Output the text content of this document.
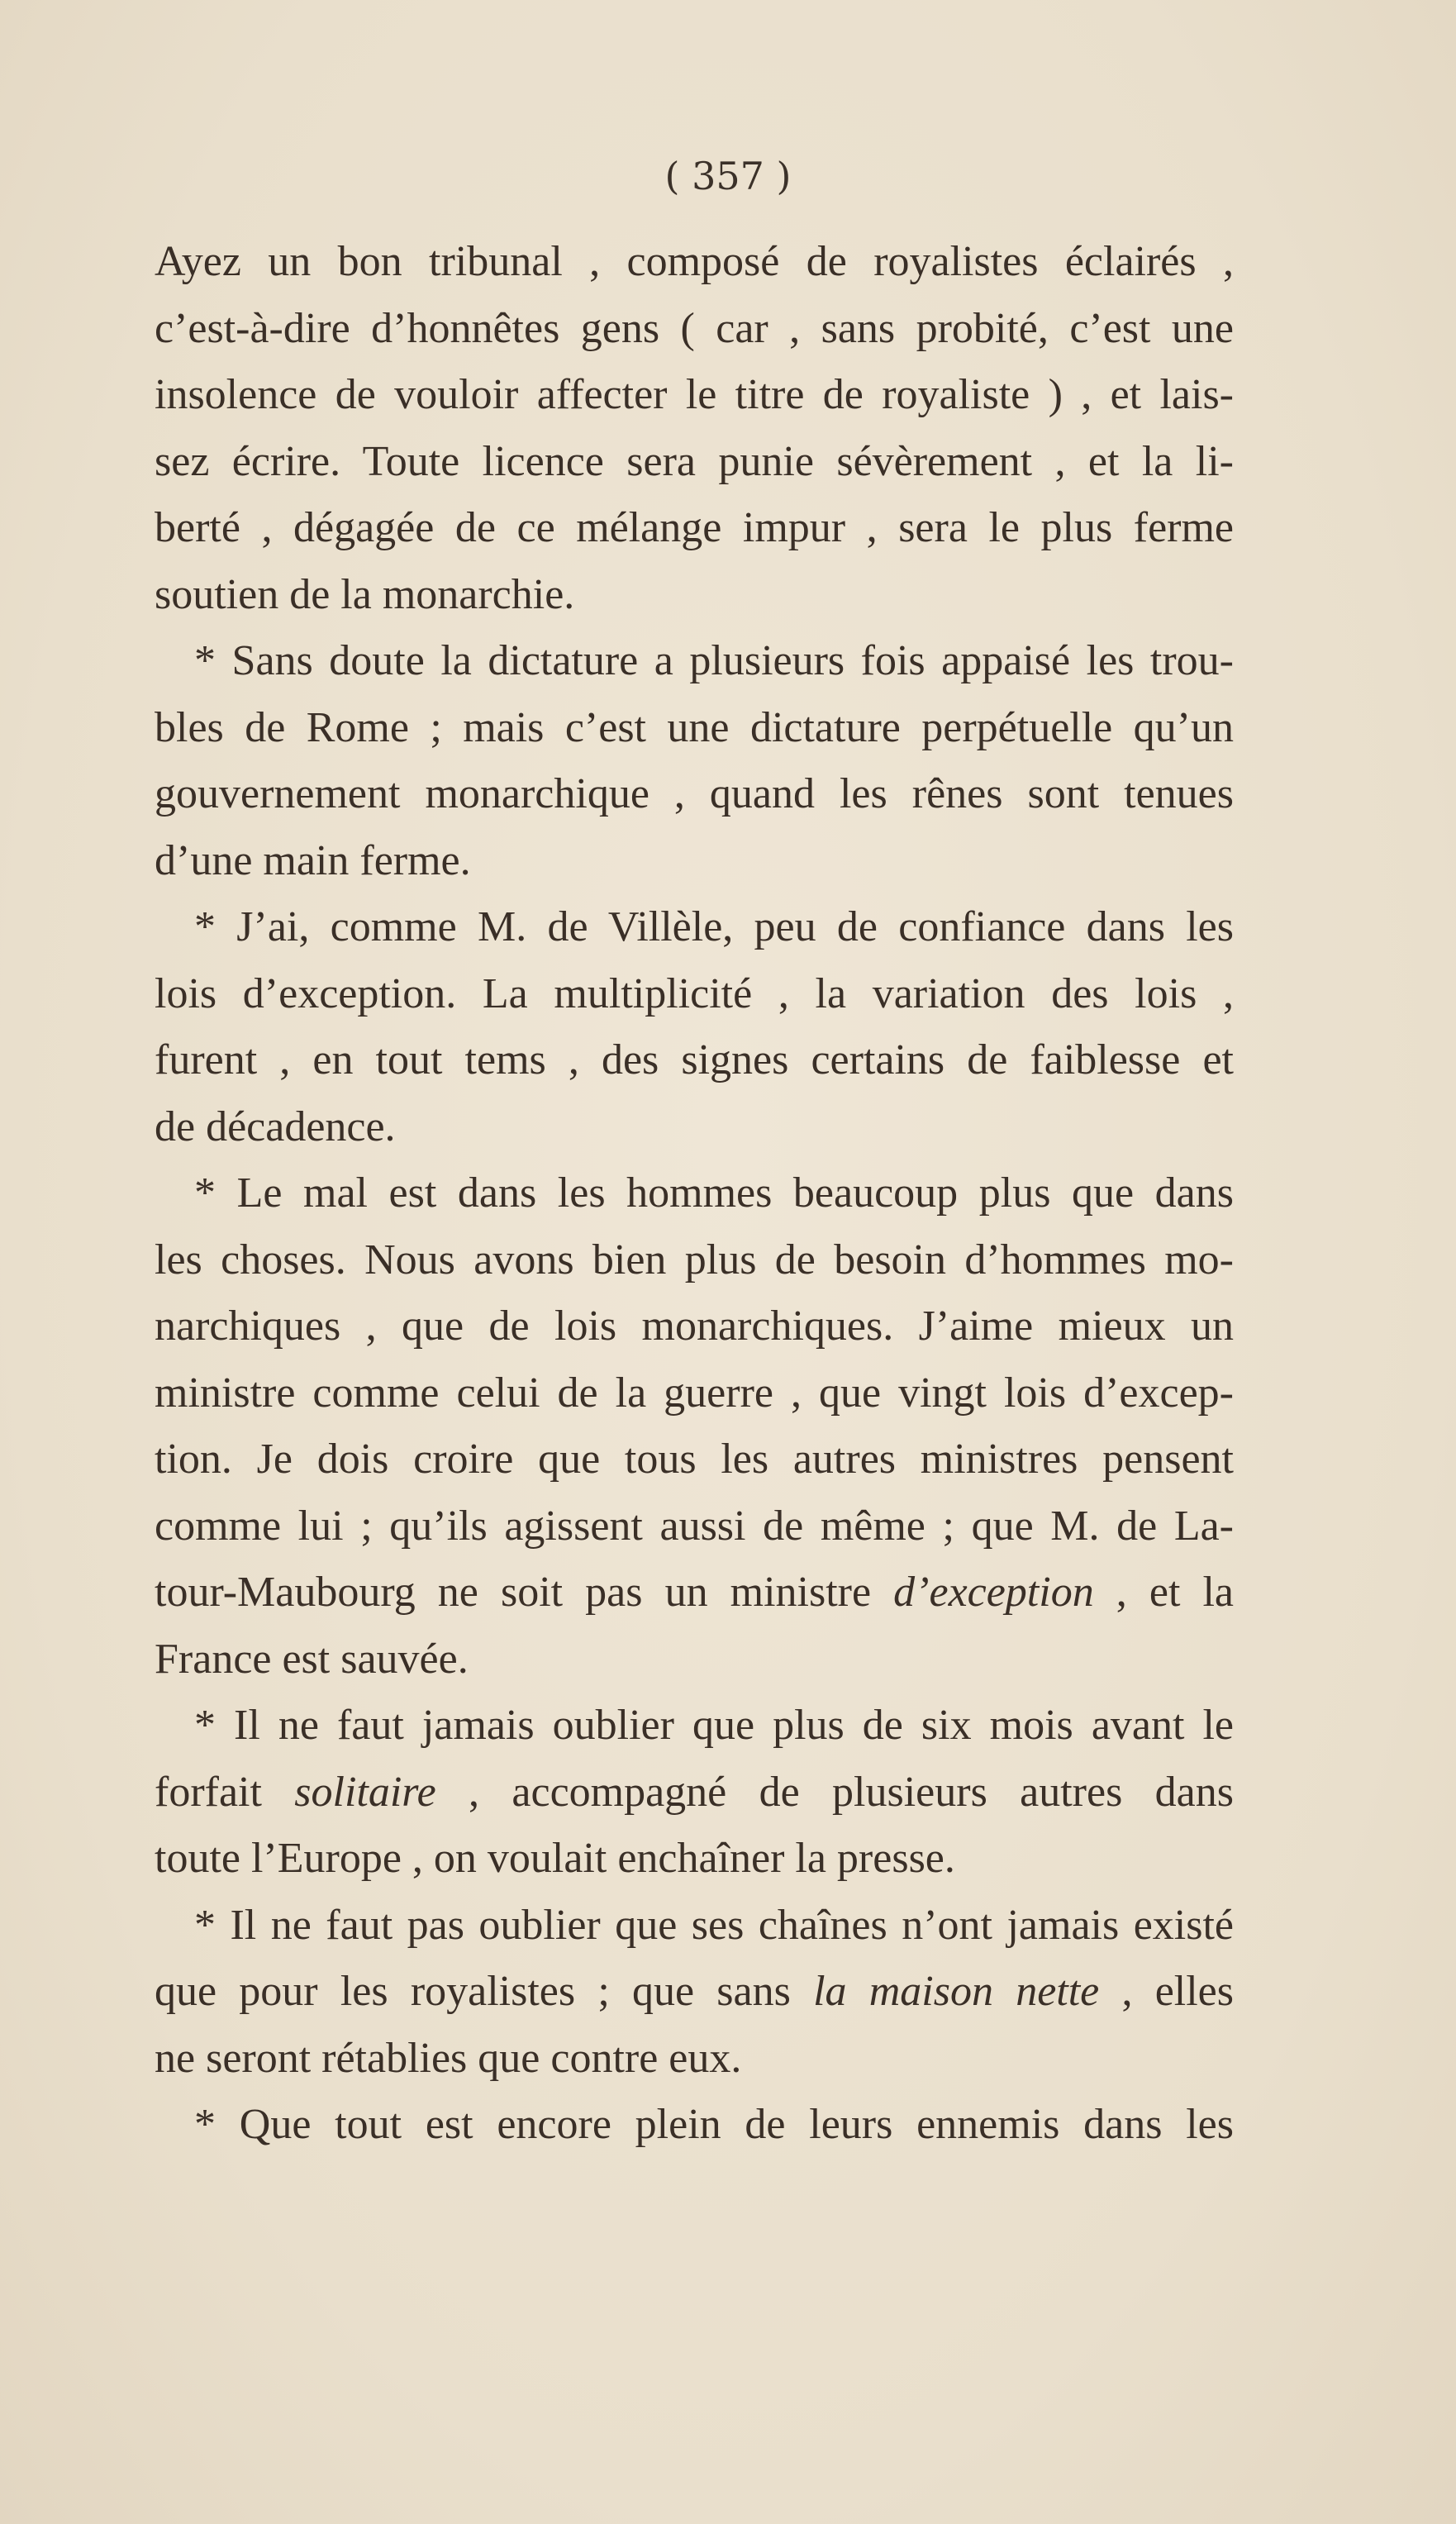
( 357 )
Ayez un bon tribunal , composé de royalistes éclairés ,
c’est-à-dire d’honnêtes gens ( car , sans probité, c’est une
insolence de vouloir affecter le titre de royaliste ) , et lais-
sez écrire. Toute licence sera punie sévèrement , et la li-
berté , dégagée de ce mélange impur , sera le plus ferme
soutien de la monarchie.
* Sans doute la dictature a plusieurs fois appaisé les trou-
bles de Rome ; mais c’est une dictature perpétuelle qu’un
gouvernement monarchique , quand les rênes sont tenues
d’une main ferme.
* J’ai, comme M. de Villèle, peu de confiance dans les
lois d’exception. La multiplicité , la variation des lois ,
furent , en tout tems , des signes certains de faiblesse et
de décadence.
* Le mal est dans les hommes beaucoup plus que dans
les choses. Nous avons bien plus de besoin d’hommes mo-
narchiques , que de lois monarchiques. J’aime mieux un
ministre comme celui de la guerre , que vingt lois d’excep-
tion. Je dois croire que tous les autres ministres pensent
comme lui ; qu’ils agissent aussi de même ; que M. de La-
tour-Maubourg ne soit pas un ministre d’exception , et la
France est sauvée.
* Il ne faut jamais oublier que plus de six mois avant le
forfait solitaire , accompagné de plusieurs autres dans
toute l’Europe , on voulait enchaîner la presse.
* Il ne faut pas oublier que ses chaînes n’ont jamais existé
que pour les royalistes ; que sans la maison nette , elles
ne seront rétablies que contre eux.
* Que tout est encore plein de leurs ennemis dans les
